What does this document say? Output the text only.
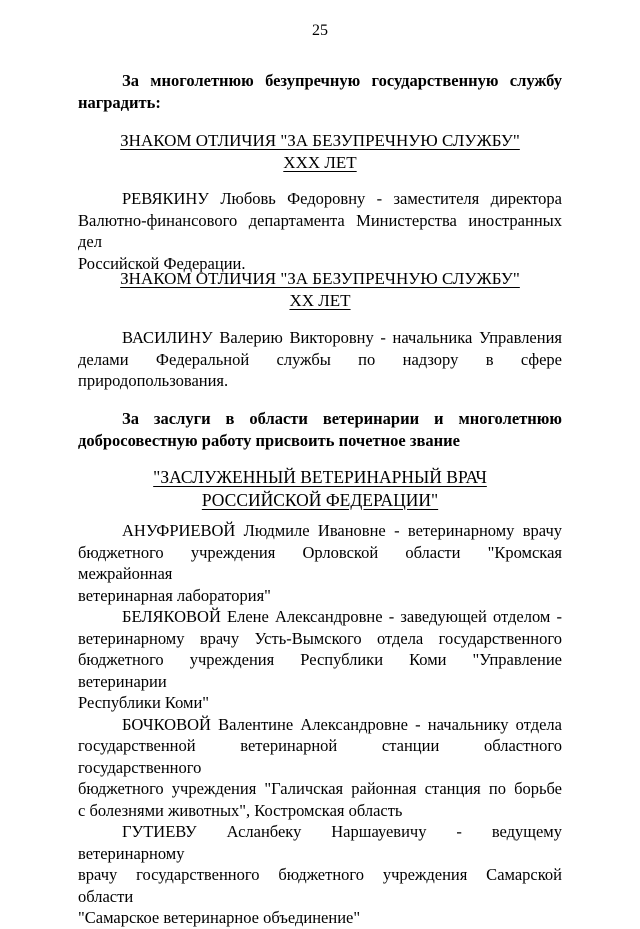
25
За многолетнюю безупречную государственную службу
наградить:
ЗНАКОМ ОТЛИЧИЯ "ЗА БЕЗУПРЕЧНУЮ СЛУЖБУ"
XXX ЛЕТ
РЕВЯКИНУ Любовь Федоровну - заместителя директора
Валютно-финансового департамента Министерства иностранных дел
Российской Федерации.
ЗНАКОМ ОТЛИЧИЯ "ЗА БЕЗУПРЕЧНУЮ СЛУЖБУ"
XX ЛЕТ
ВАСИЛИНУ Валерию Викторовну - начальника Управления
делами Федеральной службы по надзору в сфере
природопользования.
За заслуги в области ветеринарии и многолетнюю
добросовестную работу присвоить почетное звание
"ЗАСЛУЖЕННЫЙ ВЕТЕРИНАРНЫЙ ВРАЧ
РОССИЙСКОЙ ФЕДЕРАЦИИ"
АНУФРИЕВОЙ Людмиле Ивановне - ветеринарному врачу
бюджетного учреждения Орловской области "Кромская межрайонная
ветеринарная лаборатория"
БЕЛЯКОВОЙ Елене Александровне - заведующей отделом -
ветеринарному врачу Усть-Вымского отдела государственного
бюджетного учреждения Республики Коми "Управление ветеринарии
Республики Коми"
БОЧКОВОЙ Валентине Александровне - начальнику отдела
государственной ветеринарной станции областного государственного
бюджетного учреждения "Галичская районная станция по борьбе
с болезнями животных", Костромская область
ГУТИЕВУ Асланбеку Наршауевичу - ведущему ветеринарному
врачу государственного бюджетного учреждения Самарской области
"Самарское ветеринарное объединение"
